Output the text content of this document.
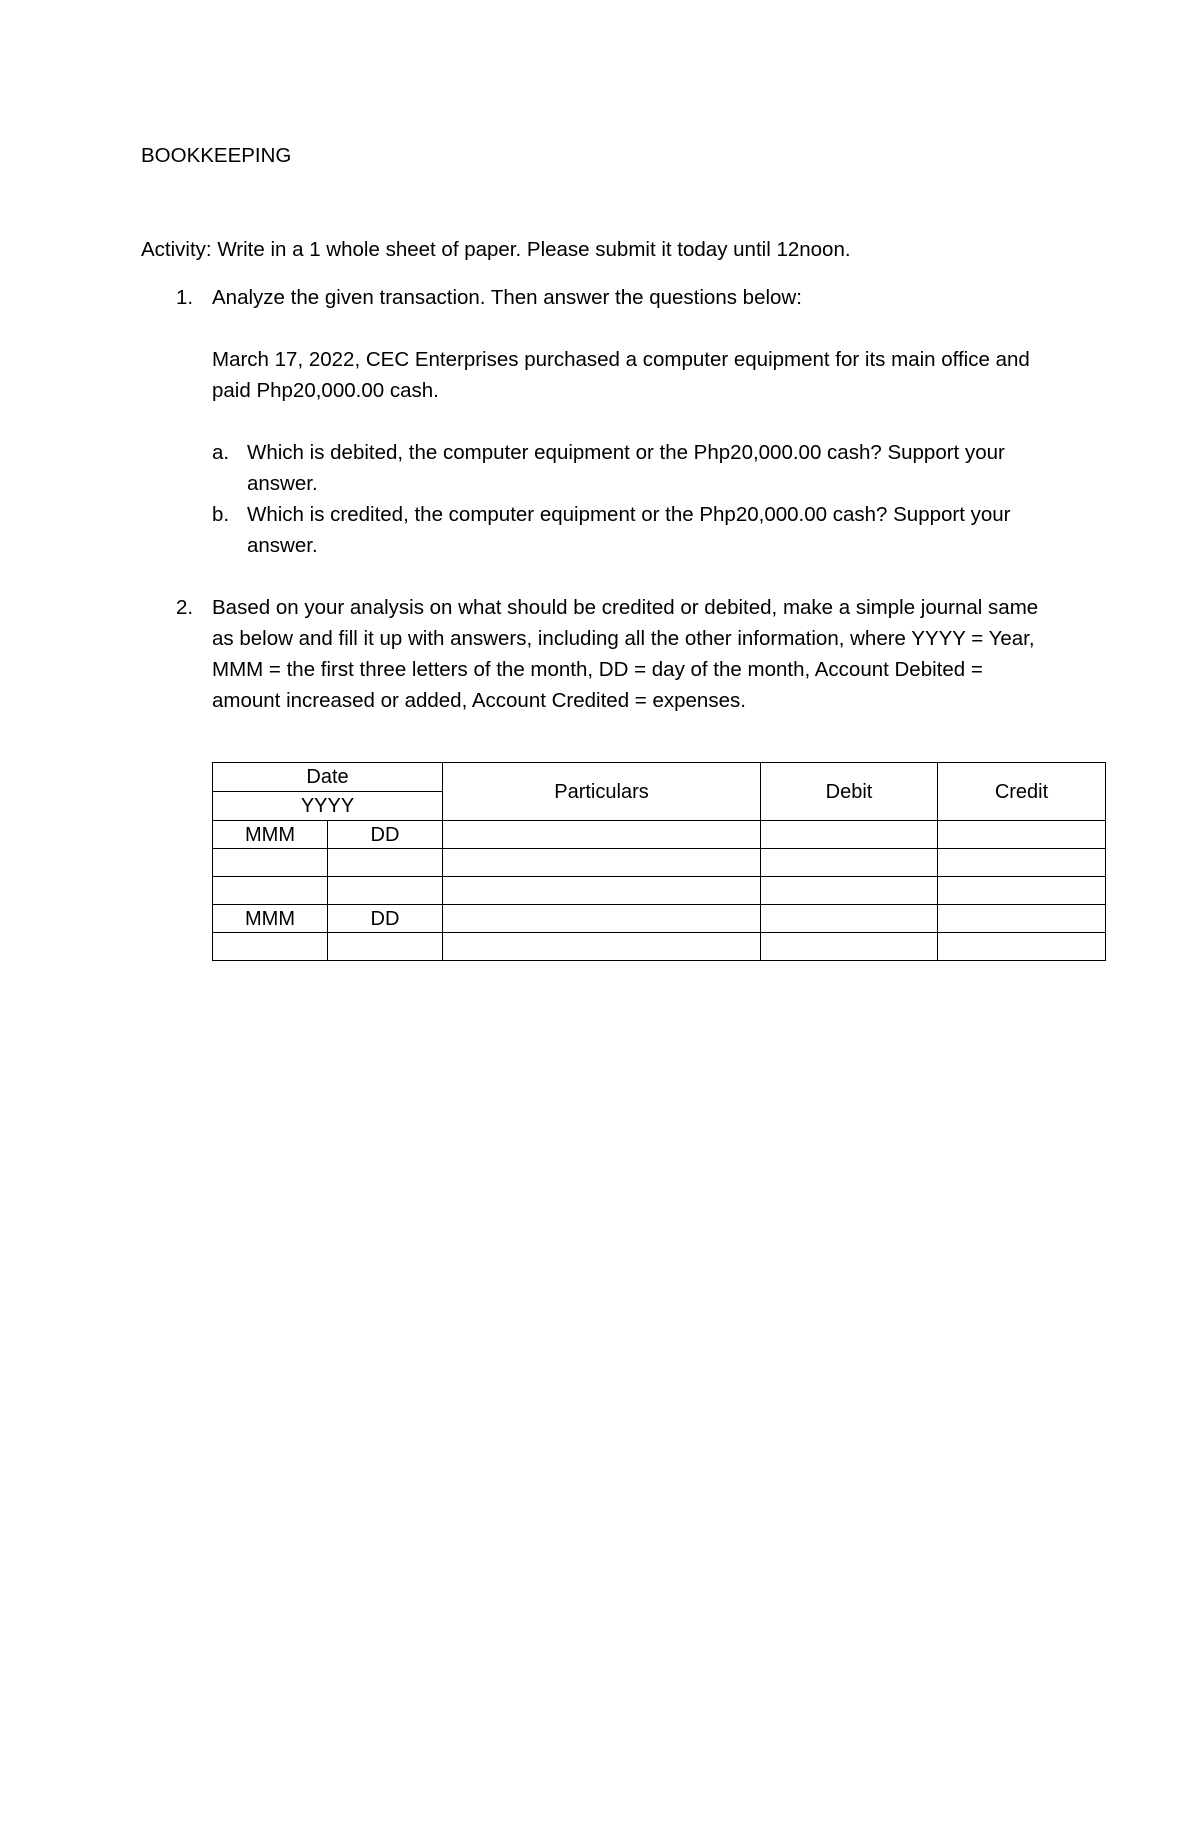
BOOKKEEPING
Activity: Write in a 1 whole sheet of paper. Please submit it today until 12noon.
1. Analyze the given transaction. Then answer the questions below:
March 17, 2022, CEC Enterprises purchased a computer equipment for its main office and
paid Php20,000.00 cash.
a. Which is debited, the computer equipment or the Php20,000.00 cash? Support your
answer.
b. Which is credited, the computer equipment or the Php20,000.00 cash? Support your
answer.
2. Based on your analysis on what should be credited or debited, make a simple journal same
as below and fill it up with answers, including all the other information, where YYYY = Year,
MMM = the first three letters of the month, DD = day of the month, Account Debited =
amount increased or added, Account Credited = expenses.
Date		Particulars	Debit	Credit
YYYY				
MMM	DD			

MMM	DD			
